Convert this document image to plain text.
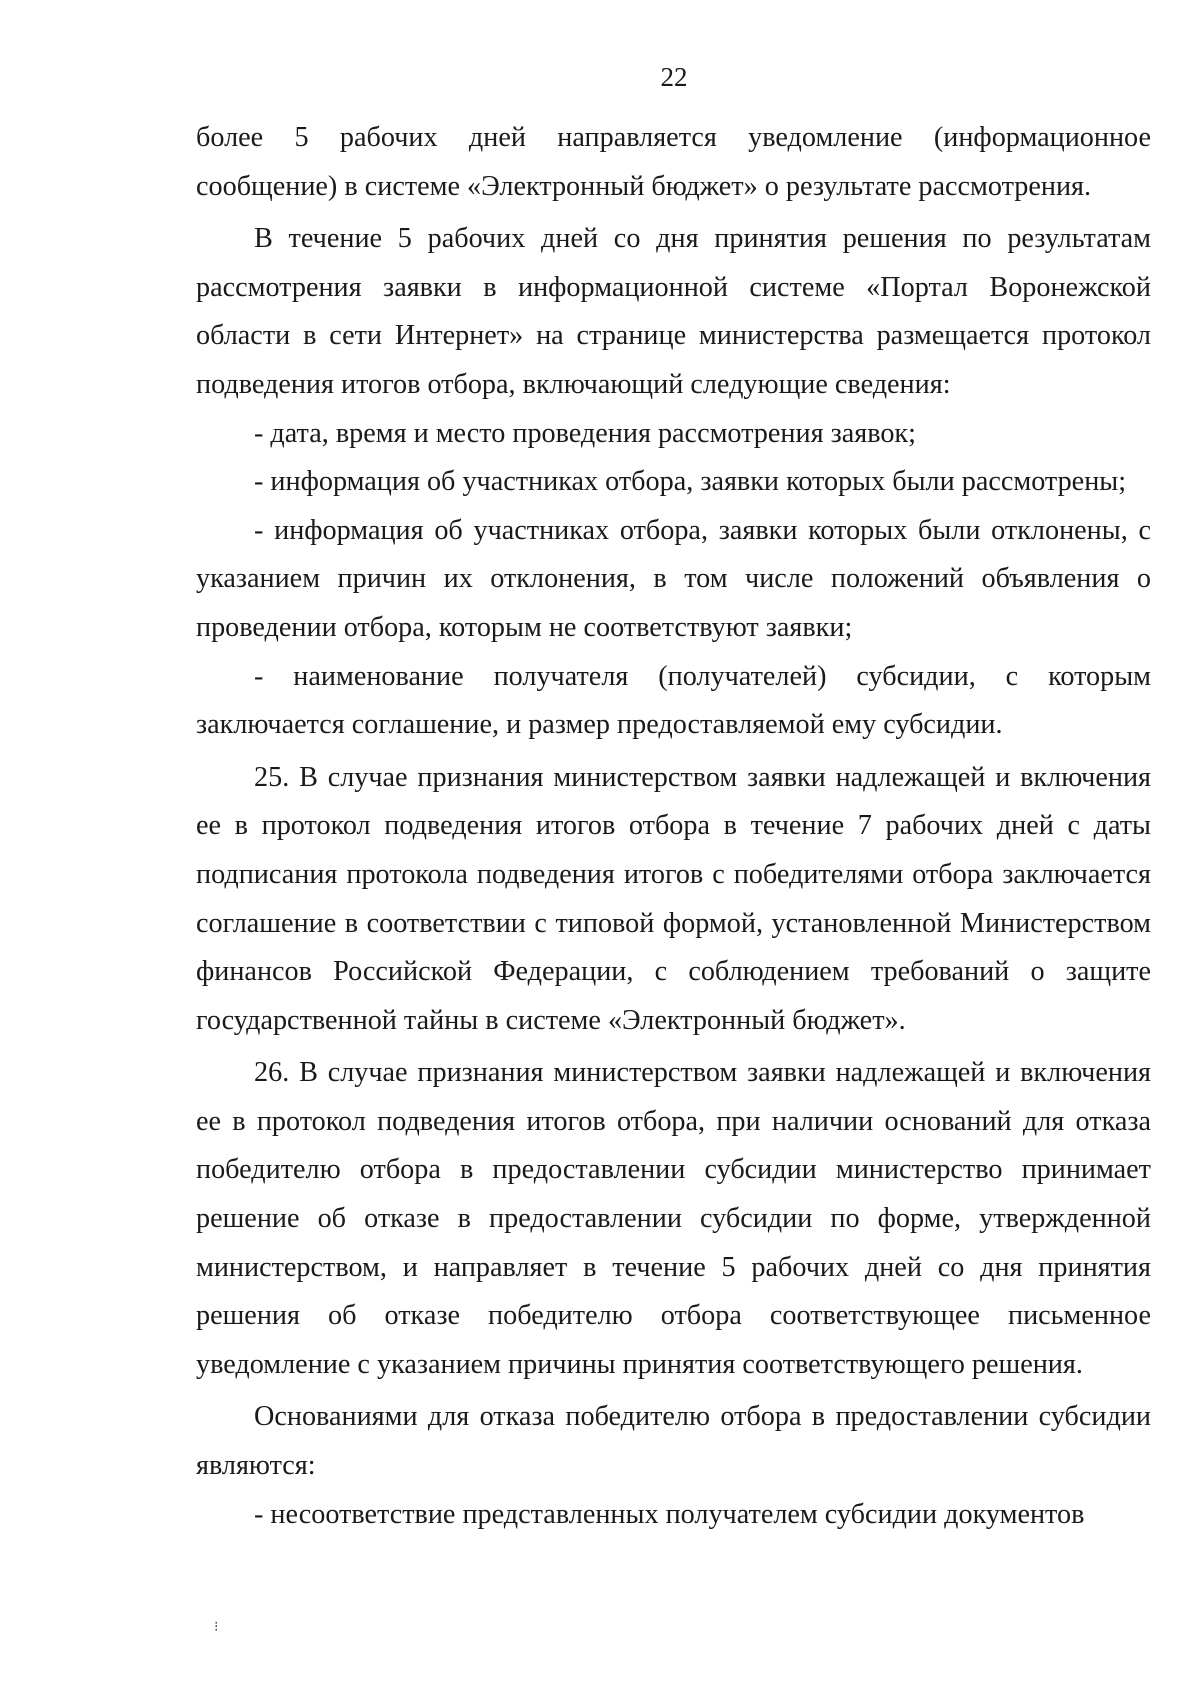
22

более 5 рабочих дней направляется уведомление (информационное сообщение) в системе «Электронный бюджет» о результате рассмотрения.

В течение 5 рабочих дней со дня принятия решения по результатам рассмотрения заявки в информационной системе «Портал Воронежской области в сети Интернет» на странице министерства размещается протокол подведения итогов отбора, включающий следующие сведения:

- дата, время и место проведения рассмотрения заявок;

- информация об участниках отбора, заявки которых были рассмотрены;

- информация об участниках отбора, заявки которых были отклонены, с указанием причин их отклонения, в том числе положений объявления о проведении отбора, которым не соответствуют заявки;

- наименование получателя (получателей) субсидии, с которым заключается соглашение, и размер предоставляемой ему субсидии.

25. В случае признания министерством заявки надлежащей и включения ее в протокол подведения итогов отбора в течение 7 рабочих дней с даты подписания протокола подведения итогов с победителями отбора заключается соглашение в соответствии с типовой формой, установленной Министерством финансов Российской Федерации, с соблюдением требований о защите государственной тайны в системе «Электронный бюджет».

26. В случае признания министерством заявки надлежащей и включения ее в протокол подведения итогов отбора, при наличии оснований для отказа победителю отбора в предоставлении субсидии министерство принимает решение об отказе в предоставлении субсидии по форме, утвержденной министерством, и направляет в течение 5 рабочих дней со дня принятия решения об отказе победителю отбора соответствующее письменное уведомление с указанием причины принятия соответствующего решения.

Основаниями для отказа победителю отбора в предоставлении субсидии являются:

- несоответствие представленных получателем субсидии документов

⁝
